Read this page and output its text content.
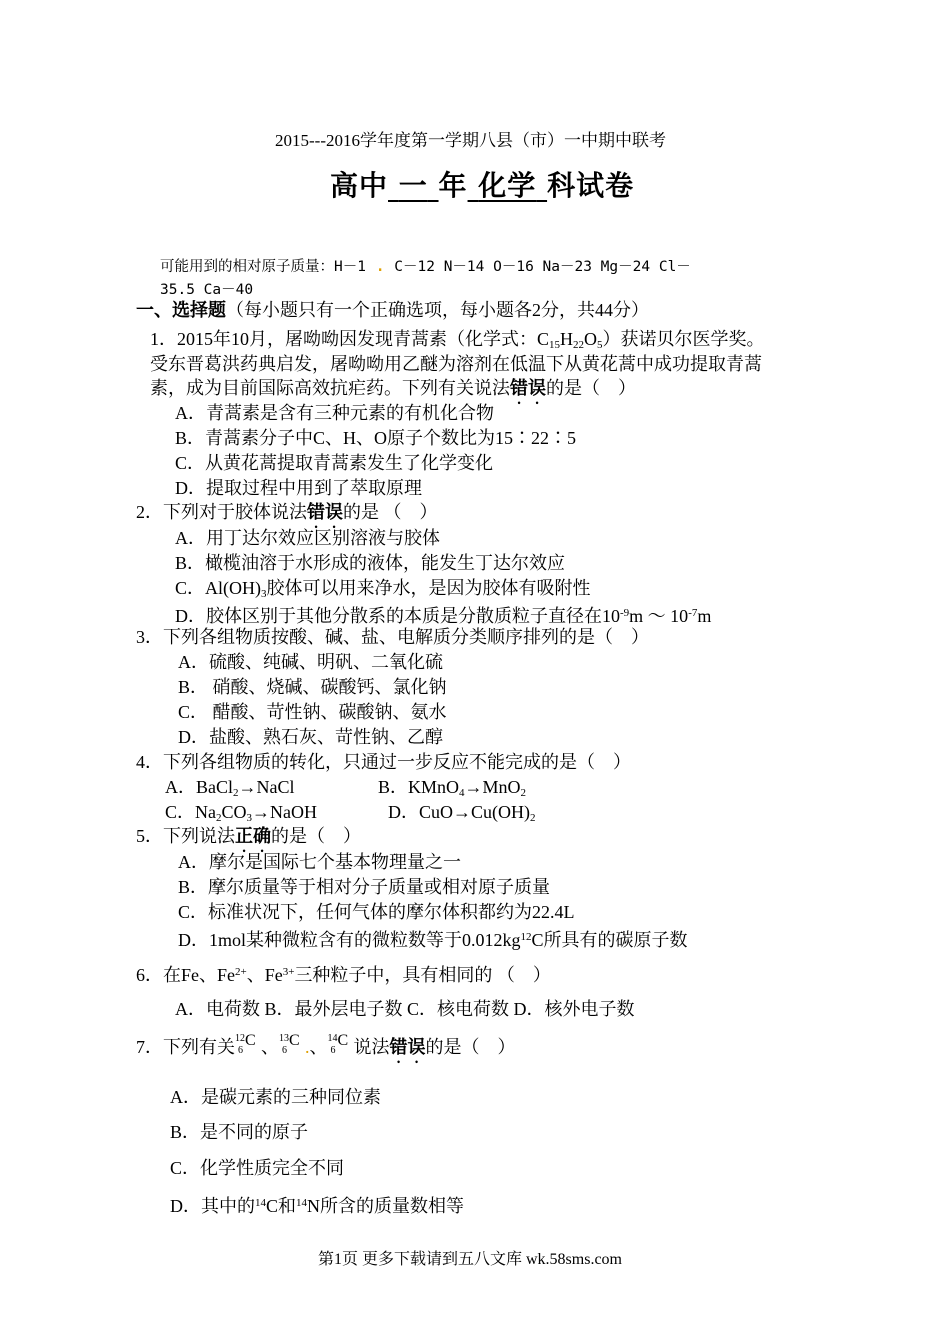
2015---2016学年度第一学期八县（市）一中期中联考
高中 一 年 化学 科试卷
可能用到的相对原子质量：H－1 . C－12 N－14 O－16 Na－23 Mg－24 Cl－
35.5 Ca－40
一、选择题（每小题只有一个正确选项，每小题各2分，共44分）
1．2015年10月，屠呦呦因发现青蒿素（化学式：$C_{15}H_{22}O_5$）获诺贝尔医学奖。
受东晋葛洪药典启发，屠呦呦用乙醚为溶剂在低温下从黄花蒿中成功提取青蒿
素，成为目前国际高效抗疟药。下列有关说法错误的是（　）
A．青蒿素是含有三种元素的有机化合物
B．青蒿素分子中C、H、O原子个数比为15∶22∶5
C．从黄花蒿提取青蒿素发生了化学变化
D．提取过程中用到了萃取原理
2．下列对于胶体说法错误的是 （　）
A．用丁达尔效应区别溶液与胶体
B．橄榄油溶于水形成的液体，能发生丁达尔效应
C．$Al(OH)_3$胶体可以用来净水，是因为胶体有吸附性
D．胶体区别于其他分散系的本质是分散质粒子直径在$10^{-9}m$ ～ $10^{-7}m$
3．下列各组物质按酸、碱、盐、电解质分类顺序排列的是（　）
A．硫酸、纯碱、明矾、二氧化硫
B． 硝酸、烧碱、碳酸钙、氯化钠
C． 醋酸、苛性钠、碳酸钠、氨水
D．盐酸、熟石灰、苛性钠、乙醇
4．下列各组物质的转化，只通过一步反应不能完成的是（　）
A．BaCl$_2$→NaCl	B．KMnO$_4$→MnO$_2$
C．$Na_2CO_3\to NaOH$	D．$CuO\to Cu(OH)_2$
5．下列说法正确的是（　）
A．摩尔是国际七个基本物理量之一
B．摩尔质量等于相对分子质量或相对原子质量
C．标准状况下，任何气体的摩尔体积都约为22.4L
D．1mol某种微粒含有的微粒数等于$0.012kg^{12}C$所具有的碳原子数
6．在Fe、$Fe^{2+}$、$Fe^{3+}$三种粒子中，具有相同的 （　）
A．电荷数 B．最外层电子数 C．核电荷数 D．核外电子数
7．下列有关 12
6
C 、 13
6
C .、 14
6
C 说法错误的是（　）
A．是碳元素的三种同位素
B．是不同的原子
C．化学性质完全不同
D．其中的$^{14}$C和$^{14}$N所含的质量数相等
第1页 更多下载请到五八文库 wk.58sms.com
